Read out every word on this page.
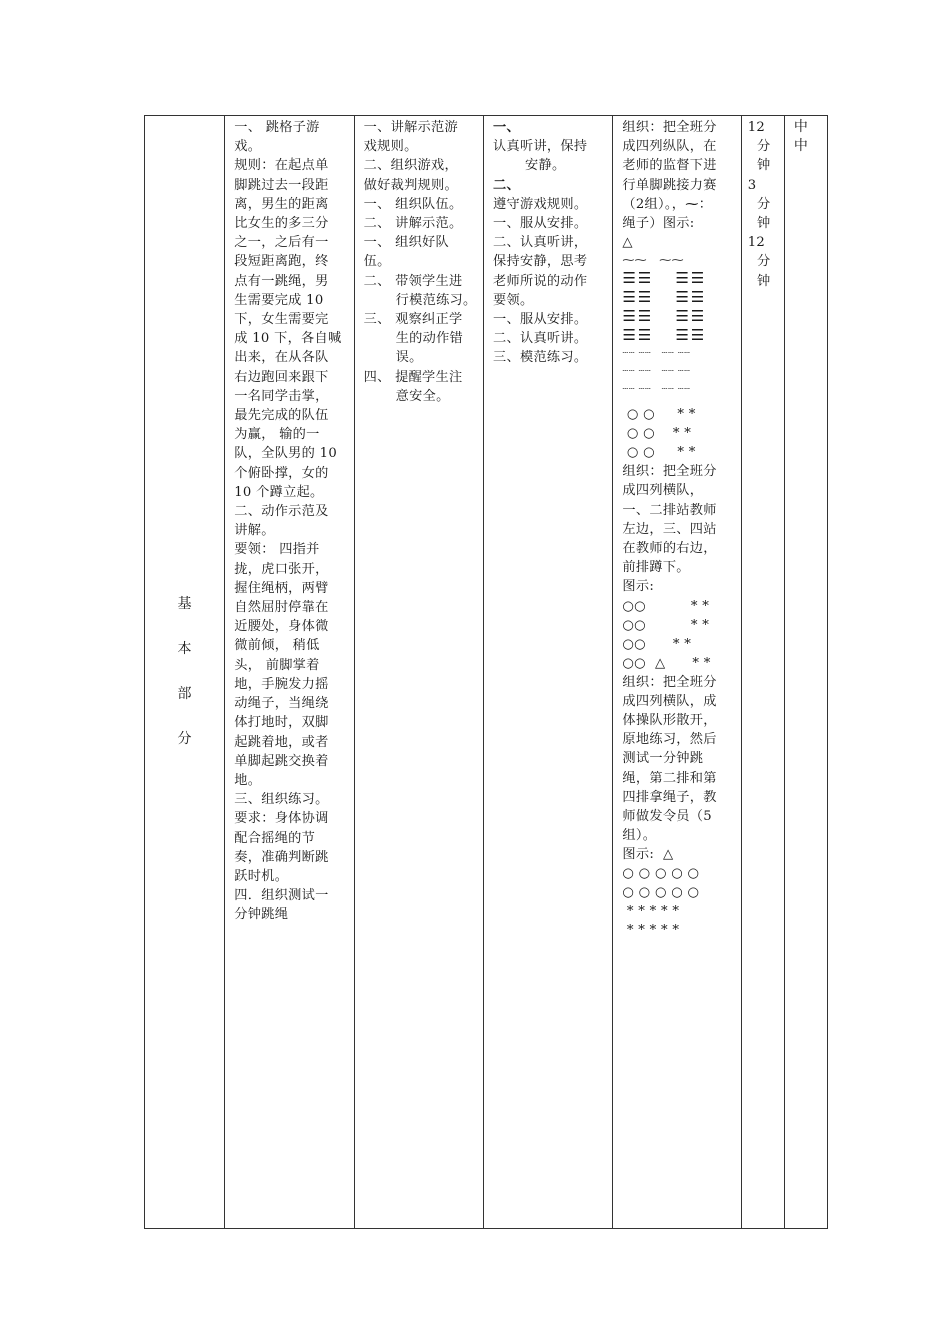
基
本
部
分

一、 跳格子游
戏。
规则：在起点单
脚跳过去一段距
离，男生的距离
比女生的多三分
之一，之后有一
段短距离跑，终
点有一跳绳，男
生需要完成 10
下，女生需要完
成 10 下，各自喊
出来，在从各队
右边跑回来跟下
一名同学击掌，
最先完成的队伍
为赢， 输的一
队，全队男的 10
个俯卧撑，女的
10 个蹲立起。
二、动作示范及
讲解。
要领： 四指并
拢，虎口张开，
握住绳柄，两臂
自然屈肘停靠在
近腰处，身体微
微前倾， 稍低
头， 前脚掌着
地，手腕发力摇
动绳子，当绳绕
体打地时，双脚
起跳着地，或者
单脚起跳交换着
地。
三、组织练习。
要求：身体协调
配合摇绳的节
奏，准确判断跳
跃时机。
四．组织测试一
分钟跳绳

一、讲解示范游
戏规则。
二、组织游戏，
做好裁判规则。
一、 组织队伍。
二、 讲解示范。
一、 组织好队
伍。
二、 带领学生进
行模范练习。
三、 观察纠正学
生的动作错
误。
四、 提醒学生注
意安全。

一、
认真听讲，保持
安静。
二、
遵守游戏规则。
一、服从安排。
二、认真听讲，
保持安静，思考
老师所说的动作
要领。
一、服从安排。
二、认真听讲。
三、模范练习。

组织：把全班分
成四列纵队，在
老师的监督下进
行单脚跳接力赛
（2组）。，⁓：
绳子）图示:
△
⁓⁓   ⁓⁓
☰☰  ☰☰
☰☰  ☰☰
☰☰  ☰☰
☰☰  ☰☰
┄┄ ┄┄   ┄┄ ┄┄
┄┄ ┄┄   ┄┄ ┄┄
┄┄ ┄┄   ┄┄ ┄┄
○ ○     * *
○ ○    * *
○ ○     * *
组织：把全班分
成四列横队，
一、二排站教师
左边，三、四站
在教师的右边，
前排蹲下。
图示:
○○          * *
○○          * *
○○      * *
○○  △      * *
组织：把全班分
成四列横队，成
体操队形散开，
原地练习，然后
测试一分钟跳
绳，第二排和第
四排拿绳子，教
师做发令员（5
组）。
图示:  △
○ ○ ○ ○ ○
○ ○ ○ ○ ○
* * * * *
* * * * *

12
分
钟
3
分
钟
12
分
钟

中
中
